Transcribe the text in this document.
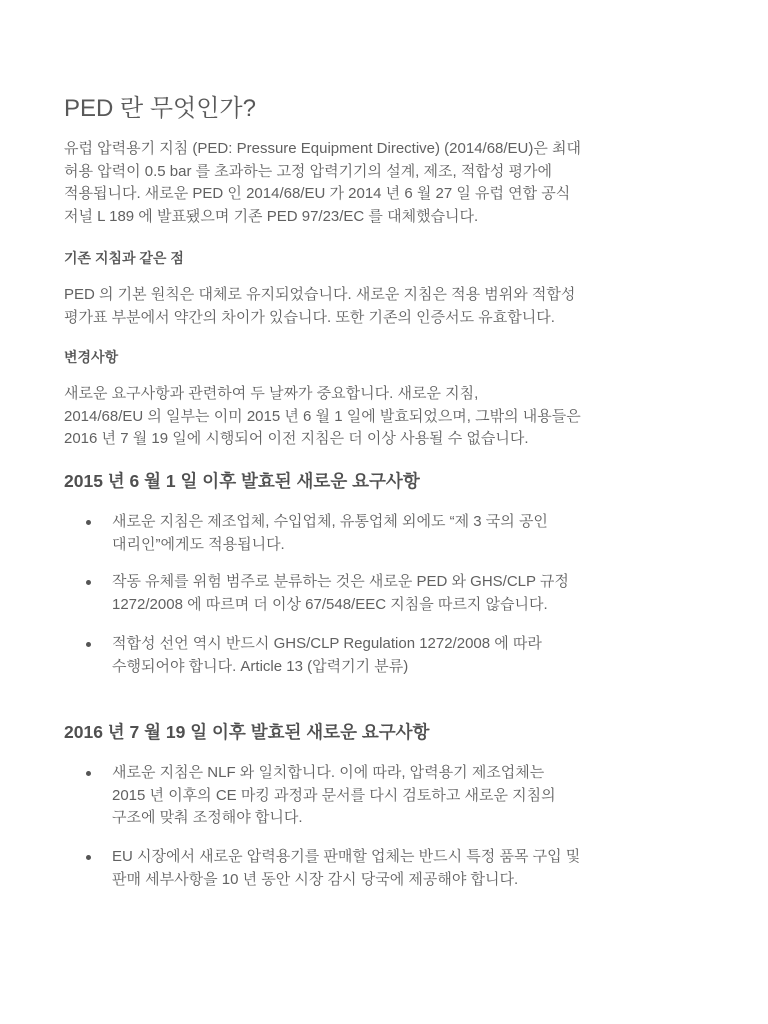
PED 란 무엇인가?

유럽 압력용기 지침 (PED: Pressure Equipment Directive) (2014/68/EU)은 최대
허용 압력이 0.5 bar 를 초과하는 고정 압력기기의 설계, 제조, 적합성 평가에
적용됩니다. 새로운 PED 인 2014/68/EU 가 2014 년 6 월 27 일 유럽 연합 공식
저널 L 189 에 발표됐으며 기존 PED 97/23/EC 를 대체했습니다.

기존 지침과 같은 점

PED 의 기본 원칙은 대체로 유지되었습니다. 새로운 지침은 적용 범위와 적합성
평가표 부분에서 약간의 차이가 있습니다. 또한 기존의 인증서도 유효합니다.

변경사항

새로운 요구사항과 관련하여 두 날짜가 중요합니다. 새로운 지침,
2014/68/EU 의 일부는 이미 2015 년 6 월 1 일에 발효되었으며, 그밖의 내용들은
2016 년 7 월 19 일에 시행되어 이전 지침은 더 이상 사용될 수 없습니다.

2015 년 6 월 1 일 이후 발효된 새로운 요구사항
새로운 지침은 제조업체, 수입업체, 유통업체 외에도 “제 3 국의 공인
대리인”에게도 적용됩니다.
작동 유체를 위험 범주로 분류하는 것은 새로운 PED 와 GHS/CLP 규정
1272/2008 에 따르며 더 이상 67/548/EEC 지침을 따르지 않습니다.
적합성 선언 역시 반드시 GHS/CLP Regulation 1272/2008 에 따라
수행되어야 합니다. Article 13 (압력기기 분류)
2016 년 7 월 19 일 이후 발효된 새로운 요구사항
새로운 지침은 NLF 와 일치합니다. 이에 따라, 압력용기 제조업체는
2015 년 이후의 CE 마킹 과정과 문서를 다시 검토하고 새로운 지침의
구조에 맞춰 조정해야 합니다.
EU 시장에서 새로운 압력용기를 판매할 업체는 반드시 특정 품목 구입 및
판매 세부사항을 10 년 동안 시장 감시 당국에 제공해야 합니다.
